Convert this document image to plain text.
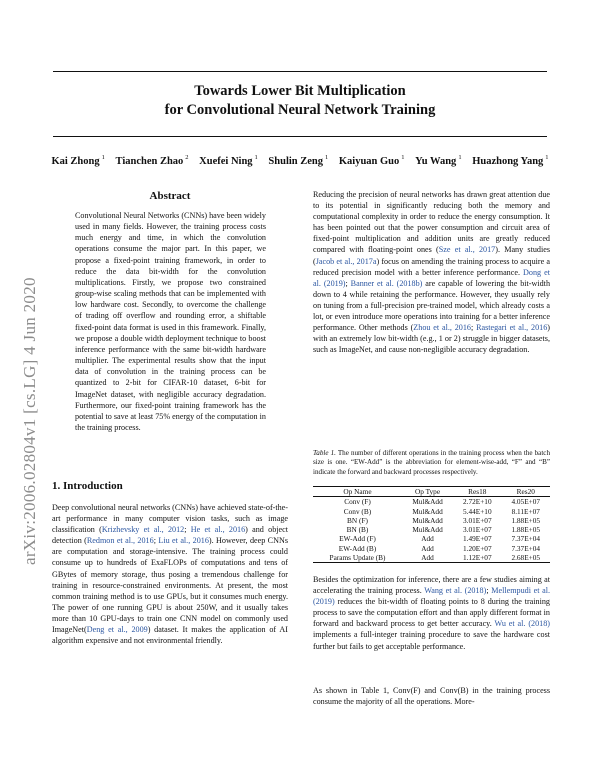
arXiv:2006.02804v1 [cs.LG] 4 Jun 2020
Towards Lower Bit Multiplication
for Convolutional Neural Network Training
Kai Zhong $^1$ Tianchen Zhao $^2$ Xuefei Ning $^1$ Shulin Zeng $^1$ Kaiyuan Guo $^1$ Yu Wang $^1$ Huazhong Yang $^1$
Abstract

Convolutional Neural Networks (CNNs) have been widely used in many fields. However, the training process costs much energy and time, in which the convolution operations consume the major part. In this paper, we propose a fixed-point training framework, in order to reduce the data bit-width for the convolution multiplications. Firstly, we propose two constrained group-wise scaling methods that can be implemented with low hardware cost. Secondly, to overcome the challenge of trading off overflow and rounding error, a shiftable fixed-point data format is used in this framework. Finally, we propose a double width deployment technique to boost inference performance with the same bit-width hardware multiplier. The experimental results show that the input data of convolution in the training process can be quantized to 2-bit for CIFAR-10 dataset, 6-bit for ImageNet dataset, with negligible accuracy degradation. Furthermore, our fixed-point training framework has the potential to save at least 75% energy of the computation in the training process.

1. Introduction

Deep convolutional neural networks (CNNs) have achieved state-of-the-art performance in many computer vision tasks, such as image classification (Krizhevsky et al., 2012; He et al., 2016) and object detection (Redmon et al., 2016; Liu et al., 2016). However, deep CNNs are computation and storage-intensive. The training process could consume up to hundreds of ExaFLOPs of computations and tens of GBytes of memory storage, thus posing a tremendous challenge for training in resource-constrained environments. At present, the most common training method is to use GPUs, but it consumes much energy. The power of one running GPU is about 250W, and it usually takes more than 10 GPU-days to train one CNN model on commonly used ImageNet(Deng et al., 2009) dataset. It makes the application of AI algorithm expensive and not environmental friendly.

Reducing the precision of neural networks has drawn great attention due to its potential in significantly reducing both the memory and computational complexity in order to reduce the energy consumption. It has been pointed out that the power consumption and circuit area of fixed-point multiplication and addition units are greatly reduced compared with floating-point ones (Sze et al., 2017). Many studies (Jacob et al., 2017a) focus on amending the training process to acquire a reduced precision model with a better inference performance. Dong et al. (2019); Banner et al. (2018b) are capable of lowering the bit-width down to 4 while retaining the performance. However, they usually rely on tuning from a full-precision pre-trained model, which already costs a lot, or even introduce more operations into training for a better inference performance. Other methods (Zhou et al., 2016; Rastegari et al., 2016) with an extremely low bit-width (e.g., 1 or 2) struggle in bigger datasets, such as ImageNet, and cause non-negligible accuracy degradation.

Table 1. The number of different operations in the training process when the batch size is one. “EW-Add” is the abbreviation for element-wise-add, “F” and “B” indicate the forward and backward processes respectively.

Op Name	Op Type	Res18	Res20
Conv (F)	Mul&Add	2.72E+10	4.05E+07
Conv (B)	Mul&Add	5.44E+10	8.11E+07
BN (F)	Mul&Add	3.01E+07	1.88E+05
BN (B)	Mul&Add	3.01E+07	1.88E+05
EW-Add (F)	Add	1.49E+07	7.37E+04
EW-Add (B)	Add	1.20E+07	7.37E+04
Params Update (B)	Add	1.12E+07	2.68E+05

Besides the optimization for inference, there are a few studies aiming at accelerating the training process. Wang et al. (2018); Mellempudi et al. (2019) reduces the bit-width of floating points to 8 during the training process to save the computation effort and than apply different format in forward and backward process to get better accuracy. Wu et al. (2018) implements a full-integer training procedure to save the hardware cost further but fails to get acceptable performance.

As shown in Table 1, Conv(F) and Conv(B) in the training process consume the majority of all the operations. More-
